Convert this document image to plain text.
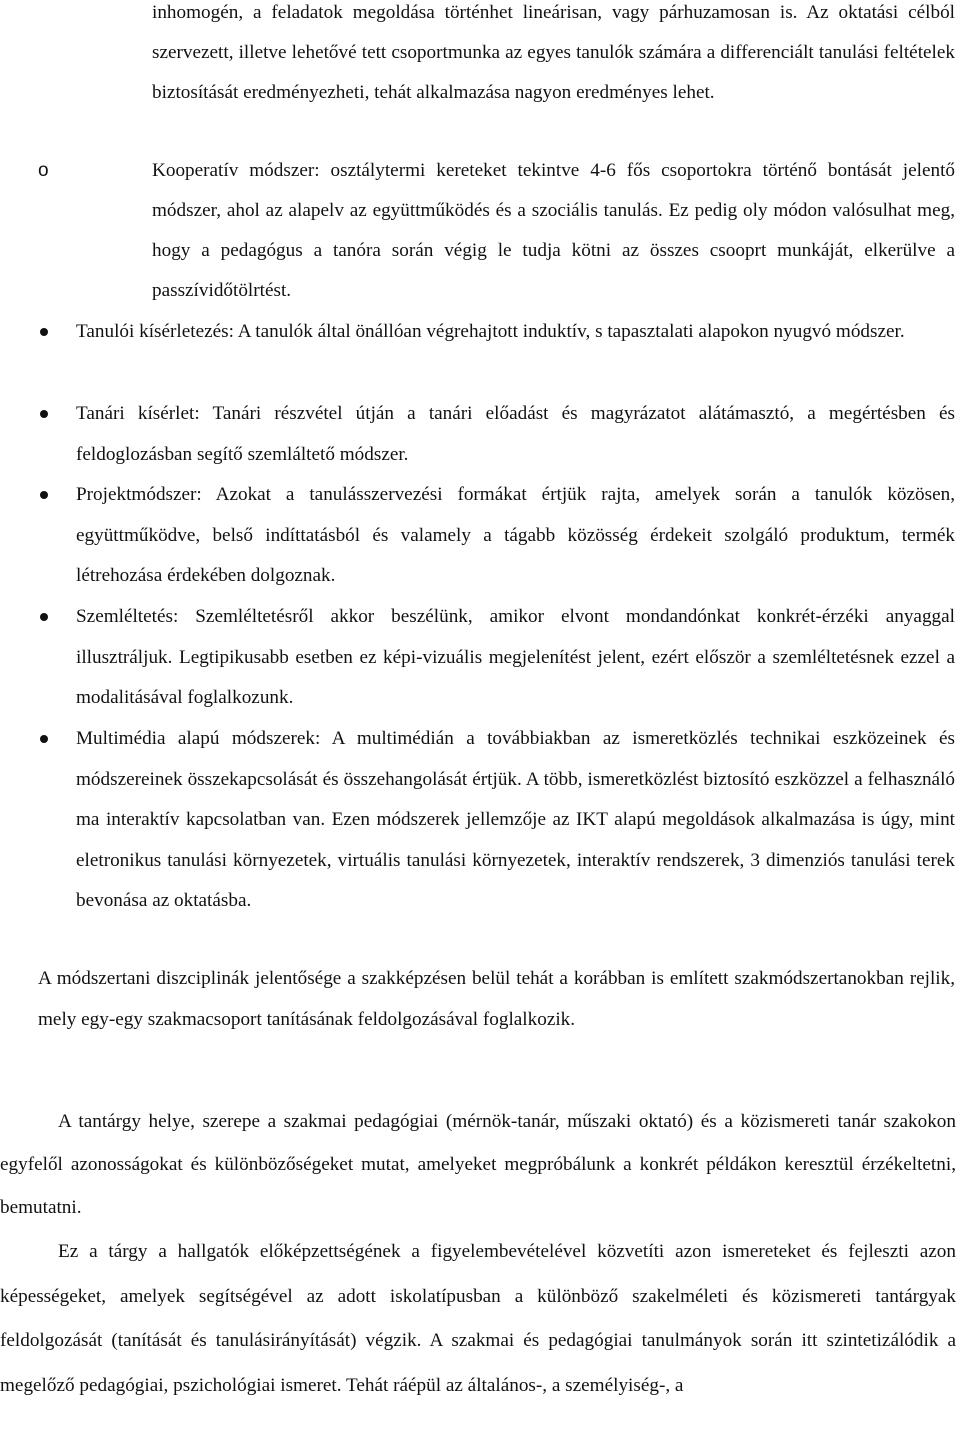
inhomogén, a feladatok megoldása történhet lineárisan, vagy párhuzamosan is. Az oktatási célból szervezett, illetve lehetővé tett csoportmunka az egyes tanulók számára a differenciált tanulási feltételek biztosítását eredményezheti, tehát alkalmazása nagyon eredményes lehet.
o	Kooperatív módszer: osztálytermi kereteket tekintve 4-6 fős csoportokra történő bontását jelentő módszer, ahol az alapelv az együttműködés és a szociális tanulás. Ez pedig oly módon valósulhat meg, hogy a pedagógus a tanóra során végig le tudja kötni az összes csooprt munkáját, elkerülve a passzívidőtölrtést.
Tanulói kísérletezés: A tanulók által önállóan végrehajtott induktív, s tapasztalati alapokon nyugvó módszer.
Tanári kísérlet: Tanári részvétel útján a tanári előadást és magyrázatot alátámasztó, a megértésben és feldoglozásban segítő szemláltető módszer.
Projektmódszer: Azokat a tanulásszervezési formákat értjük rajta, amelyek során a tanulók közösen, együttműködve, belső indíttatásból és valamely a tágabb közösség érdekeit szolgáló produktum, termék létrehozása érdekében dolgoznak.
Szemléltetés: Szemléltetésről akkor beszélünk, amikor elvont mondandónkat konkrét-érzéki anyaggal illusztráljuk. Legtipikusabb esetben ez képi-vizuális megjelenítést jelent, ezért először a szemléltetésnek ezzel a modalitásával foglalkozunk.
Multimédia alapú módszerek: A multimédián a továbbiakban az ismeretközlés technikai eszközeinek és módszereinek összekapcsolását és összehangolását értjük. A több, ismeretközlést biztosító eszközzel a felhasználó ma interaktív kapcsolatban van. Ezen módszerek jellemzője az IKT alapú megoldások alkalmazása is úgy, mint eletronikus tanulási környezetek, virtuális tanulási környezetek, interaktív rendszerek, 3 dimenziós tanulási terek bevonása az oktatásba.
A módszertani diszciplinák jelentősége a szakképzésen belül tehát a korábban is említett szakmódszertanokban rejlik, mely egy-egy szakmacsoport tanításának feldolgozásával foglalkozik.
A tantárgy helye, szerepe a szakmai pedagógiai (mérnök-tanár, műszaki oktató) és a közismereti tanár szakokon egyfelől azonosságokat és különbözőségeket mutat, amelyeket megpróbálunk a konkrét példákon keresztül érzékeltetni, bemutatni.
Ez a tárgy a hallgatók előképzettségének a figyelembevételével közvetíti azon ismereteket és fejleszti azon képességeket, amelyek segítségével az adott iskolatípusban a különböző szakelméleti és közismereti tantárgyak feldolgozását (tanítását és tanulásirányítását) végzik. A szakmai és pedagógiai tanulmányok során itt szintetizálódik a megelőző pedagógiai, pszichológiai ismeret. Tehát ráépül az általános-, a személyiség-, a
